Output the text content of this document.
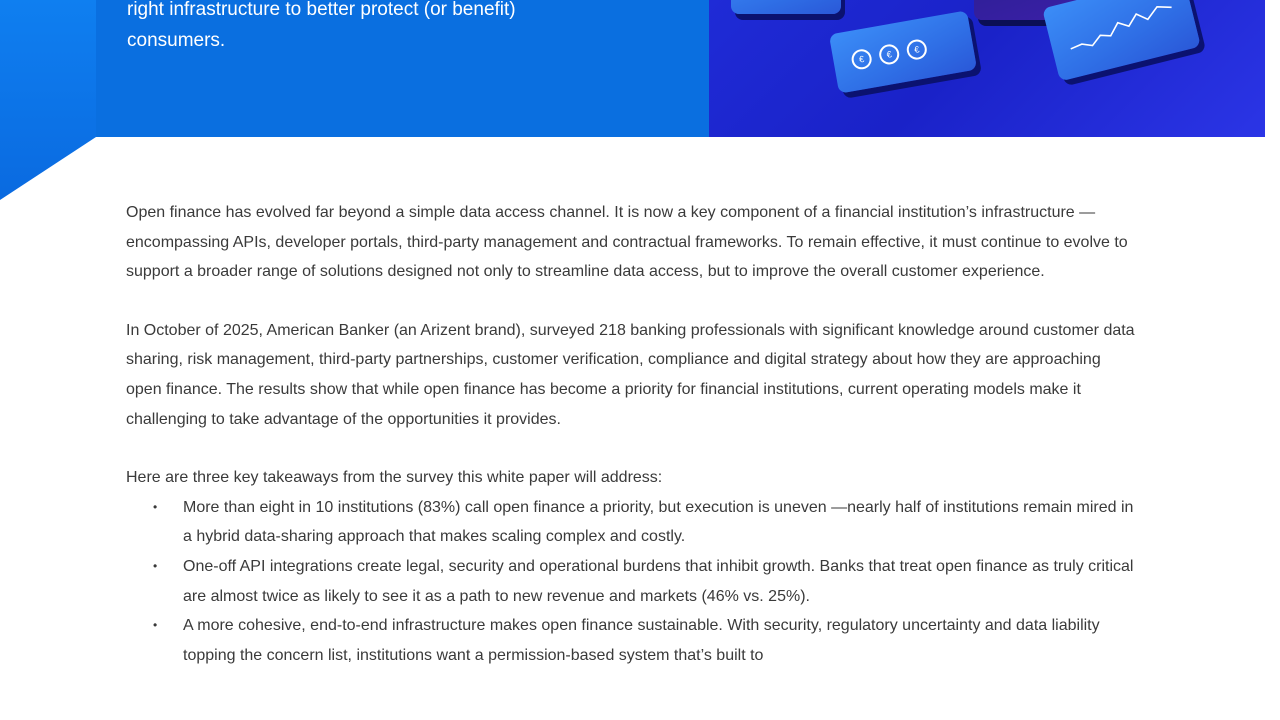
right infrastructure to better protect (or benefit)

consumers.

€	€	€

Open finance has evolved far beyond a simple data access channel. It is now a key component of a financial institution’s infrastructure — encompassing APIs, developer portals, third-party management and contractual frameworks. To remain effective, it must continue to evolve to support a broader range of solutions designed not only to streamline data access, but to improve the overall customer experience.

In October of 2025, American Banker (an Arizent brand), surveyed 218 banking professionals with significant knowledge around customer data sharing, risk management, third-party partnerships, customer verification, compliance and digital strategy about how they are approaching open finance. The results show that while open finance has become a priority for financial institutions, current operating models make it challenging to take advantage of the opportunities it provides.

Here are three key takeaways from the survey this white paper will address:

• More than eight in 10 institutions (83%) call open finance a priority, but execution is uneven —nearly half of institutions remain mired in a hybrid data-sharing approach that makes scaling complex and costly.
• One-off API integrations create legal, security and operational burdens that inhibit growth. Banks that treat open finance as truly critical are almost twice as likely to see it as a path to new revenue and markets (46% vs. 25%).
• A more cohesive, end-to-end infrastructure makes open finance sustainable. With security, regulatory uncertainty and data liability topping the concern list, institutions want a permission-based system that’s built to
